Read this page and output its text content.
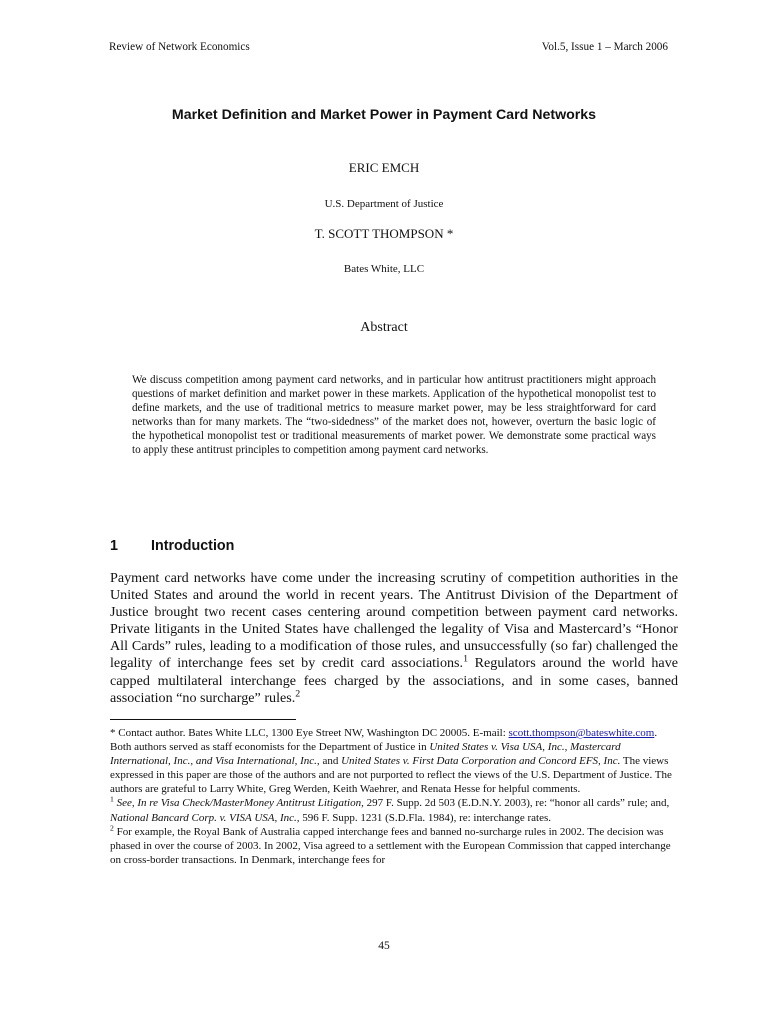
Review of Network Economics	Vol.5, Issue 1 – March 2006
Market Definition and Market Power in Payment Card Networks
ERIC EMCH
U.S. Department of Justice
T. SCOTT THOMPSON *
Bates White, LLC
Abstract
We discuss competition among payment card networks, and in particular how antitrust practitioners might approach questions of market definition and market power in these markets. Application of the hypothetical monopolist test to define markets, and the use of traditional metrics to measure market power, may be less straightforward for card networks than for many markets. The “two-sidedness” of the market does not, however, overturn the basic logic of the hypothetical monopolist test or traditional measurements of market power. We demonstrate some practical ways to apply these antitrust principles to competition among payment card networks.
1 Introduction
Payment card networks have come under the increasing scrutiny of competition authorities in the United States and around the world in recent years. The Antitrust Division of the Department of Justice brought two recent cases centering around competition between payment card networks. Private litigants in the United States have challenged the legality of Visa and Mastercard’s “Honor All Cards” rules, leading to a modification of those rules, and unsuccessfully (so far) challenged the legality of interchange fees set by credit card associations.$^1$ Regulators around the world have capped multilateral interchange fees charged by the associations, and in some cases, banned association “no surcharge” rules.$^2$

* Contact author. Bates White LLC, 1300 Eye Street NW, Washington DC 20005. E-mail: scott.thompson@bateswhite.com. Both authors served as staff economists for the Department of Justice in United States v. Visa USA, Inc., Mastercard International, Inc., and Visa International, Inc., and United States v. First Data Corporation and Concord EFS, Inc. The views expressed in this paper are those of the authors and are not purported to reflect the views of the U.S. Department of Justice. The authors are grateful to Larry White, Greg Werden, Keith Waehrer, and Renata Hesse for helpful comments.

$^1$ See, In re Visa Check/MasterMoney Antitrust Litigation, 297 F. Supp. 2d 503 (E.D.N.Y. 2003), re: “honor all cards” rule; and, National Bancard Corp. v. VISA USA, Inc., 596 F. Supp. 1231 (S.D.Fla. 1984), re: interchange rates.

$^2$ For example, the Royal Bank of Australia capped interchange fees and banned no-surcharge rules in 2002. The decision was phased in over the course of 2003. In 2002, Visa agreed to a settlement with the European Commission that capped interchange on cross-border transactions. In Denmark, interchange fees for

45
